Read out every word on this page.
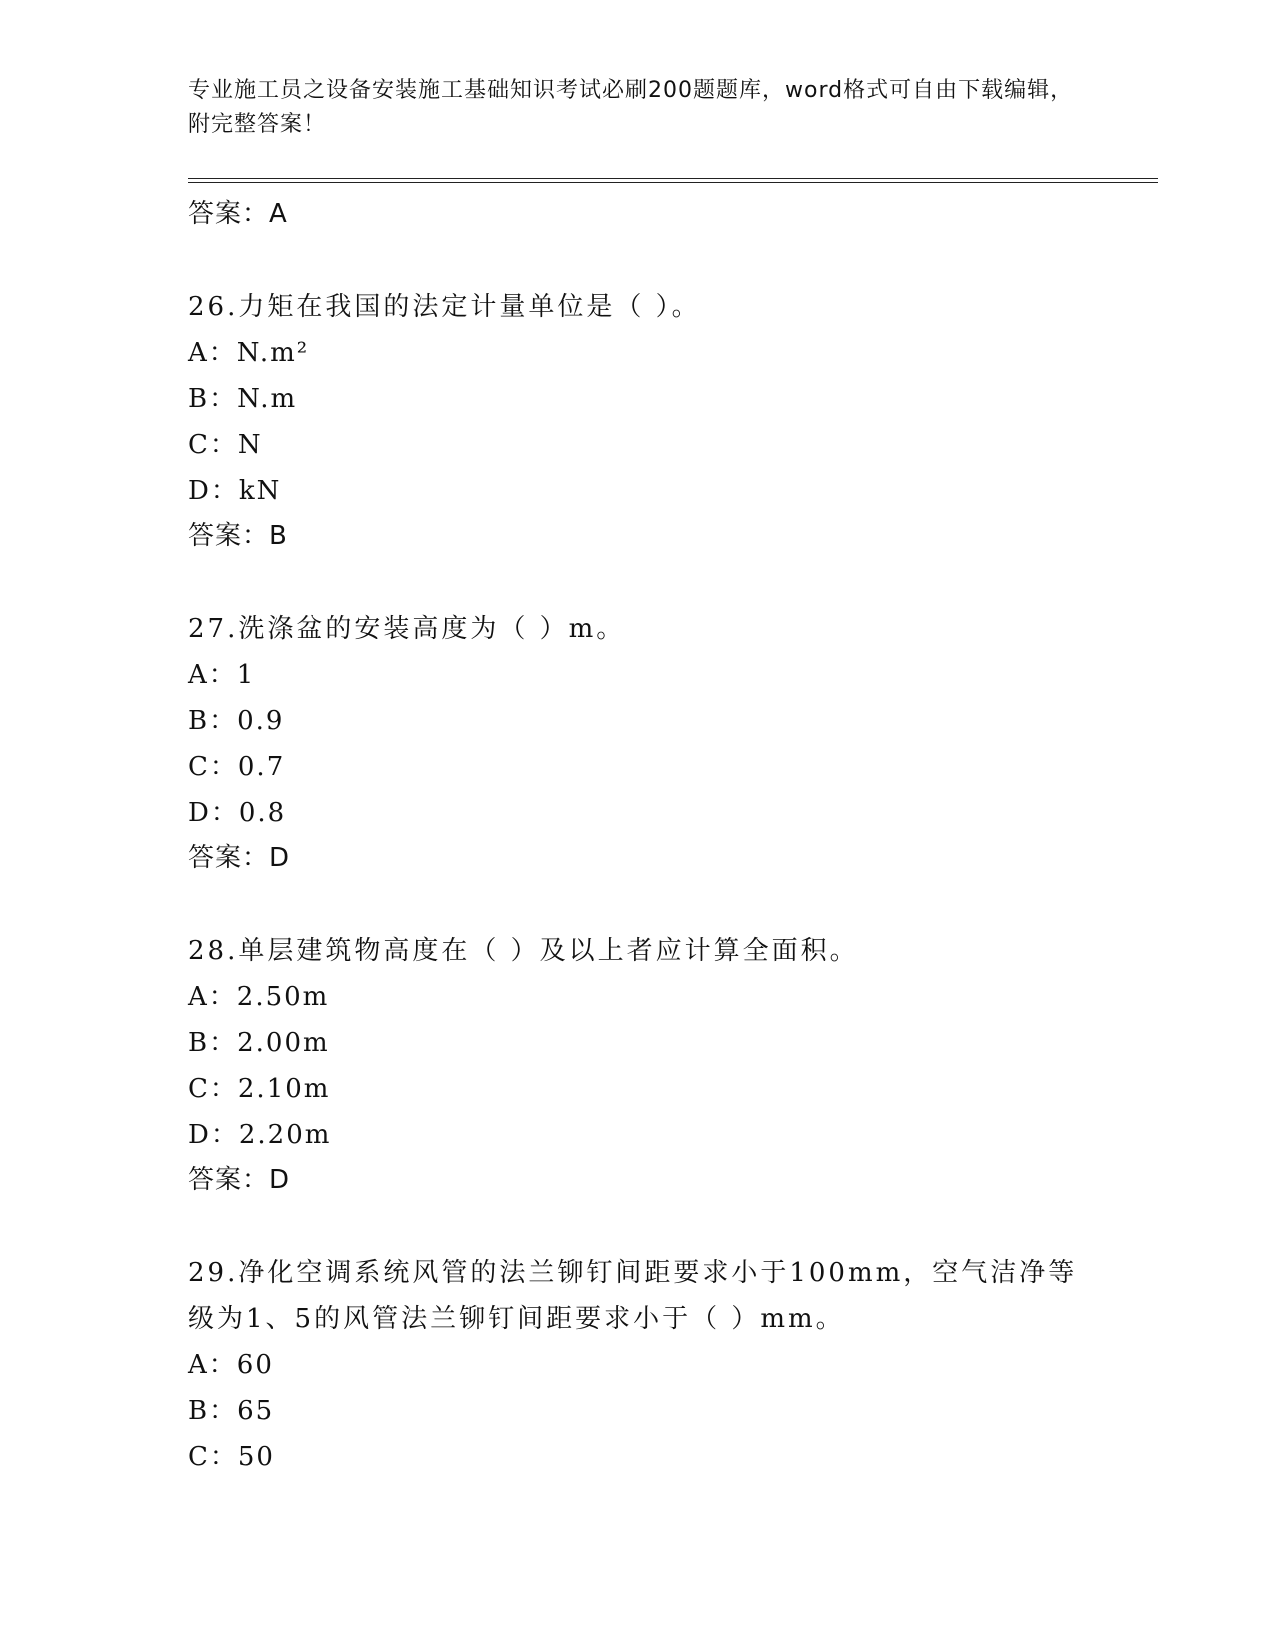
专业施工员之设备安装施工基础知识考试必刷200题题库，word格式可自由下载编辑，附完整答案！
答案：A
26.力矩在我国的法定计量单位是（ ）。
A：N.m²
B：N.m
C：N
D：kN
答案：B
27.洗涤盆的安装高度为（ ）m。
A：1
B：0.9
C：0.7
D：0.8
答案：D
28.单层建筑物高度在（ ）及以上者应计算全面积。
A：2.50m
B：2.00m
C：2.10m
D：2.20m
答案：D
29.净化空调系统风管的法兰铆钉间距要求小于100mm，空气洁净等级为1、5的风管法兰铆钉间距要求小于（ ）mm。
A：60
B：65
C：50
